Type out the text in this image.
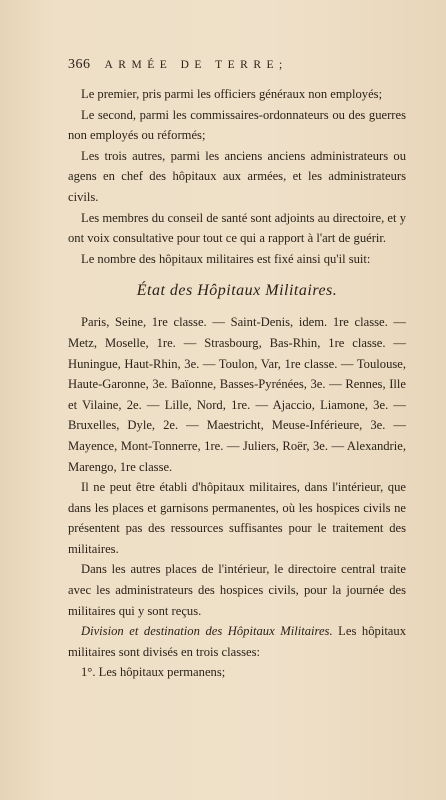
366 ARMÉE DE TERRE;

Le premier, pris parmi les officiers généraux non employés;

Le second, parmi les commissaires-ordonnateurs ou des guerres non employés ou réformés;

Les trois autres, parmi les anciens anciens administrateurs ou agens en chef des hôpitaux aux armées, et les administrateurs civils.

Les membres du conseil de santé sont adjoints au directoire, et y ont voix consultative pour tout ce qui a rapport à l'art de guérir.

Le nombre des hôpitaux militaires est fixé ainsi qu'il suit:

État des Hôpitaux Militaires.

Paris, Seine, 1re classe. — Saint-Denis, idem. 1re classe. — Metz, Moselle, 1re. — Strasbourg, Bas-Rhin, 1re classe. — Huningue, Haut-Rhin, 3e. — Toulon, Var, 1re classe. — Toulouse, Haute-Garonne, 3e. Baïonne, Basses-Pyrénées, 3e. — Rennes, Ille et Vilaine, 2e. — Lille, Nord, 1re. — Ajaccio, Liamone, 3e. — Bruxelles, Dyle, 2e. — Maestricht, Meuse-Inférieure, 3e. — Mayence, Mont-Tonnerre, 1re. — Juliers, Roër, 3e. — Alexandrie, Marengo, 1re classe.

Il ne peut être établi d'hôpitaux militaires, dans l'intérieur, que dans les places et garnisons permanentes, où les hospices civils ne présentent pas des ressources suffisantes pour le traitement des militaires.

Dans les autres places de l'intérieur, le directoire central traite avec les administrateurs des hospices civils, pour la journée des militaires qui y sont reçus.

Division et destination des Hôpitaux Militaires. Les hôpitaux militaires sont divisés en trois classes:

1°. Les hôpitaux permanens;
